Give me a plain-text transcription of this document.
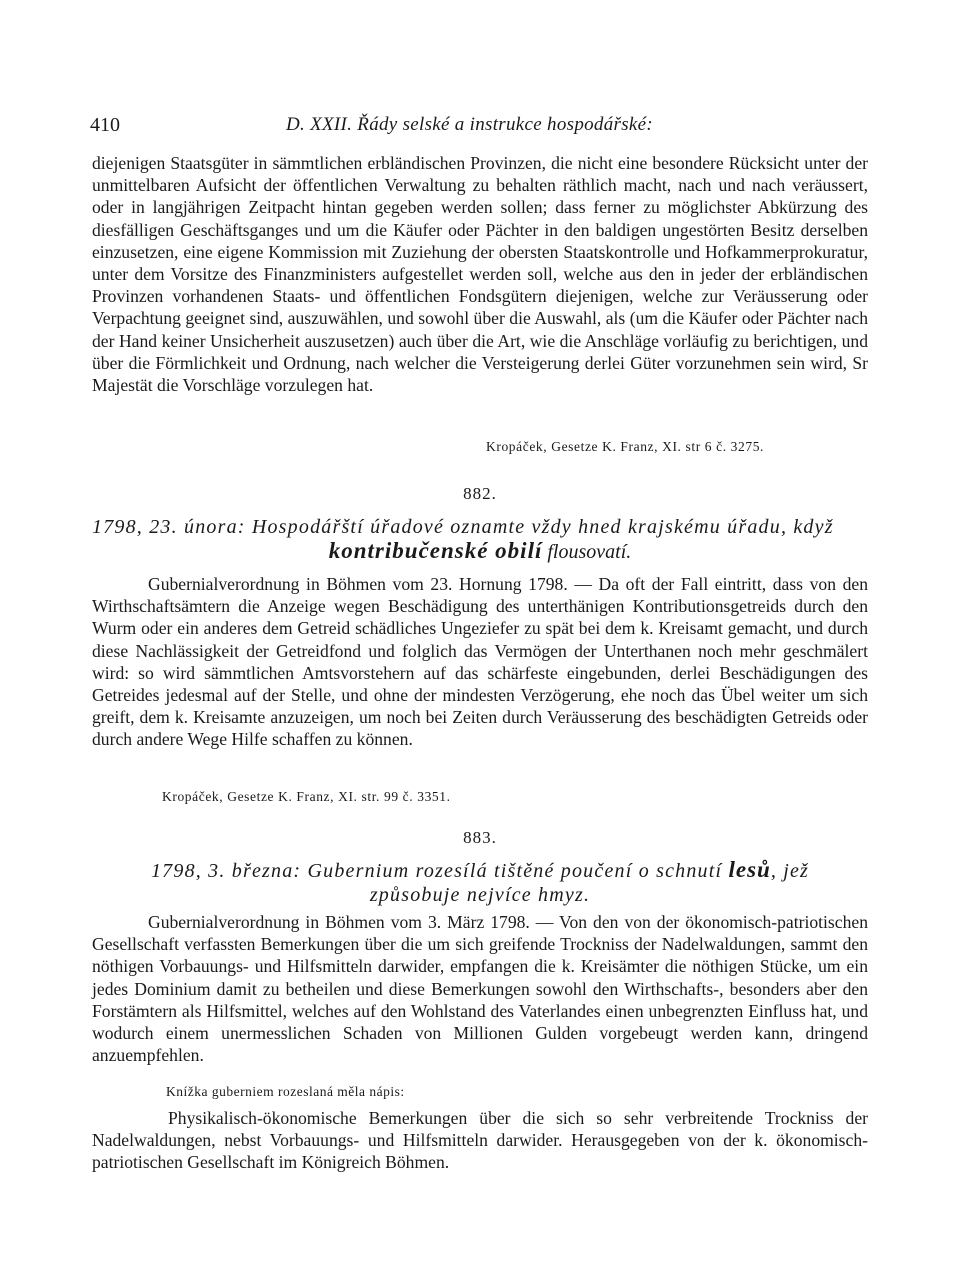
410	D. XXII. Řády selské a instrukce hospodářské:
diejenigen Staatsgüter in sämmtlichen erbländischen Provinzen, die nicht eine besondere Rücksicht unter der unmittelbaren Aufsicht der öffentlichen Verwaltung zu behalten räthlich macht, nach und nach veräussert, oder in langjährigen Zeitpacht hintan gegeben werden sollen; dass ferner zu möglichster Abkürzung des diesfälligen Geschäftsganges und um die Käufer oder Pächter in den baldigen ungestörten Besitz derselben einzusetzen, eine eigene Kommission mit Zuziehung der obersten Staatskontrolle und Hofkammerprokuratur, unter dem Vorsitze des Finanzministers aufgestellet werden soll, welche aus den in jeder der erbländischen Provinzen vorhandenen Staats- und öffentlichen Fondsgütern diejenigen, welche zur Veräusserung oder Verpachtung geeignet sind, auszuwählen, und sowohl über die Auswahl, als (um die Käufer oder Pächter nach der Hand keiner Unsicherheit auszusetzen) auch über die Art, wie die Anschläge vorläufig zu berichtigen, und über die Förmlichkeit und Ordnung, nach welcher die Versteigerung derlei Güter vorzunehmen sein wird, Sr Majestät die Vorschläge vorzulegen hat.
Kropáček, Gesetze K. Franz, XI. str 6 č. 3275.
882.
1798, 23. února: Hospodářští úřadové oznamte vždy hned krajskému úřadu, když
kontribučenské obilí flousovatí.
Gubernialverordnung in Böhmen vom 23. Hornung 1798. — Da oft der Fall eintritt, dass von den Wirthschaftsämtern die Anzeige wegen Beschädigung des unterthänigen Kontributionsgetreids durch den Wurm oder ein anderes dem Getreid schädliches Ungeziefer zu spät bei dem k. Kreisamt gemacht, und durch diese Nachlässigkeit der Getreidfond und folglich das Vermögen der Unterthanen noch mehr geschmälert wird: so wird sämmtlichen Amtsvorstehern auf das schärfeste eingebunden, derlei Beschädigungen des Getreides jedesmal auf der Stelle, und ohne der mindesten Verzögerung, ehe noch das Übel weiter um sich greift, dem k. Kreisamte anzuzeigen, um noch bei Zeiten durch Veräusserung des beschädigten Getreids oder durch andere Wege Hilfe schaffen zu können.
Kropáček, Gesetze K. Franz, XI. str. 99 č. 3351.
883.
1798, 3. března: Gubernium rozesílá tištěné poučení o schnutí lesů, jež
způsobuje nejvíce hmyz.
Gubernialverordnung in Böhmen vom 3. März 1798. — Von den von der ökonomisch-patriotischen Gesellschaft verfassten Bemerkungen über die um sich greifende Trockniss der Nadelwaldungen, sammt den nöthigen Vorbauungs- und Hilfsmitteln darwider, empfangen die k. Kreisämter die nöthigen Stücke, um ein jedes Dominium damit zu betheilen und diese Bemerkungen sowohl den Wirthschafts-, besonders aber den Forstämtern als Hilfsmittel, welches auf den Wohlstand des Vaterlandes einen unbegrenzten Einfluss hat, und wodurch einem unermesslichen Schaden von Millionen Gulden vorgebeugt werden kann, dringend anzuempfehlen.
Knížka guberniem rozeslaná měla nápis:
Physikalisch-ökonomische Bemerkungen über die sich so sehr verbreitende Trockniss der Nadelwaldungen, nebst Vorbauungs- und Hilfsmitteln darwider. Herausgegeben von der k. ökonomisch- patriotischen Gesellschaft im Königreich Böhmen.
